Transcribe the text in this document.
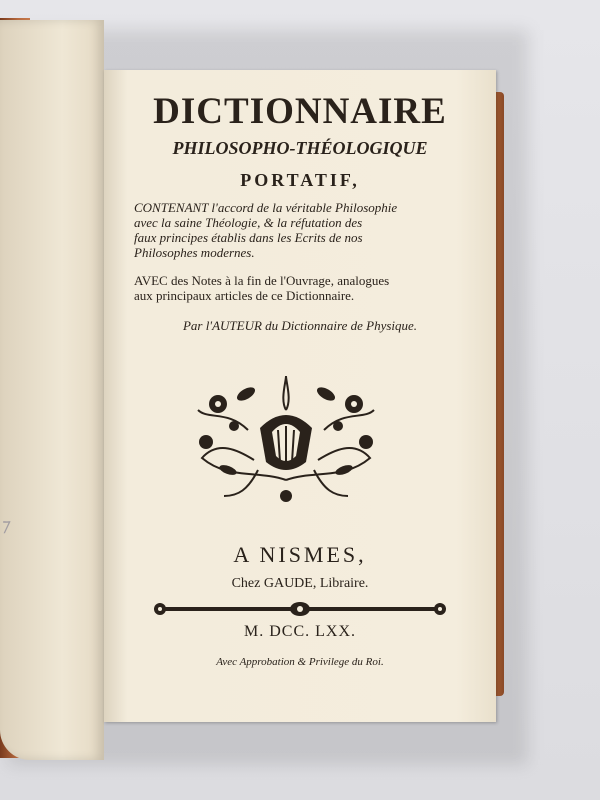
⁊
DICTIONNAIRE
PHILOSOPHO-THÉOLOGIQUE
PORTATIF,
CONTENANT l'accord de la véritable Philosophie
avec la saine Théologie, & la réfutation des
faux principes établis dans les Ecrits de nos
Philosophes modernes.
AVEC des Notes à la fin de l'Ouvrage, analogues
aux principaux articles de ce Dictionnaire.
Par l'AUTEUR du Dictionnaire de Physique.
A NISMES,
Chez GAUDE, Libraire.
M. DCC. LXX.
Avec Approbation & Privilege du Roi.
